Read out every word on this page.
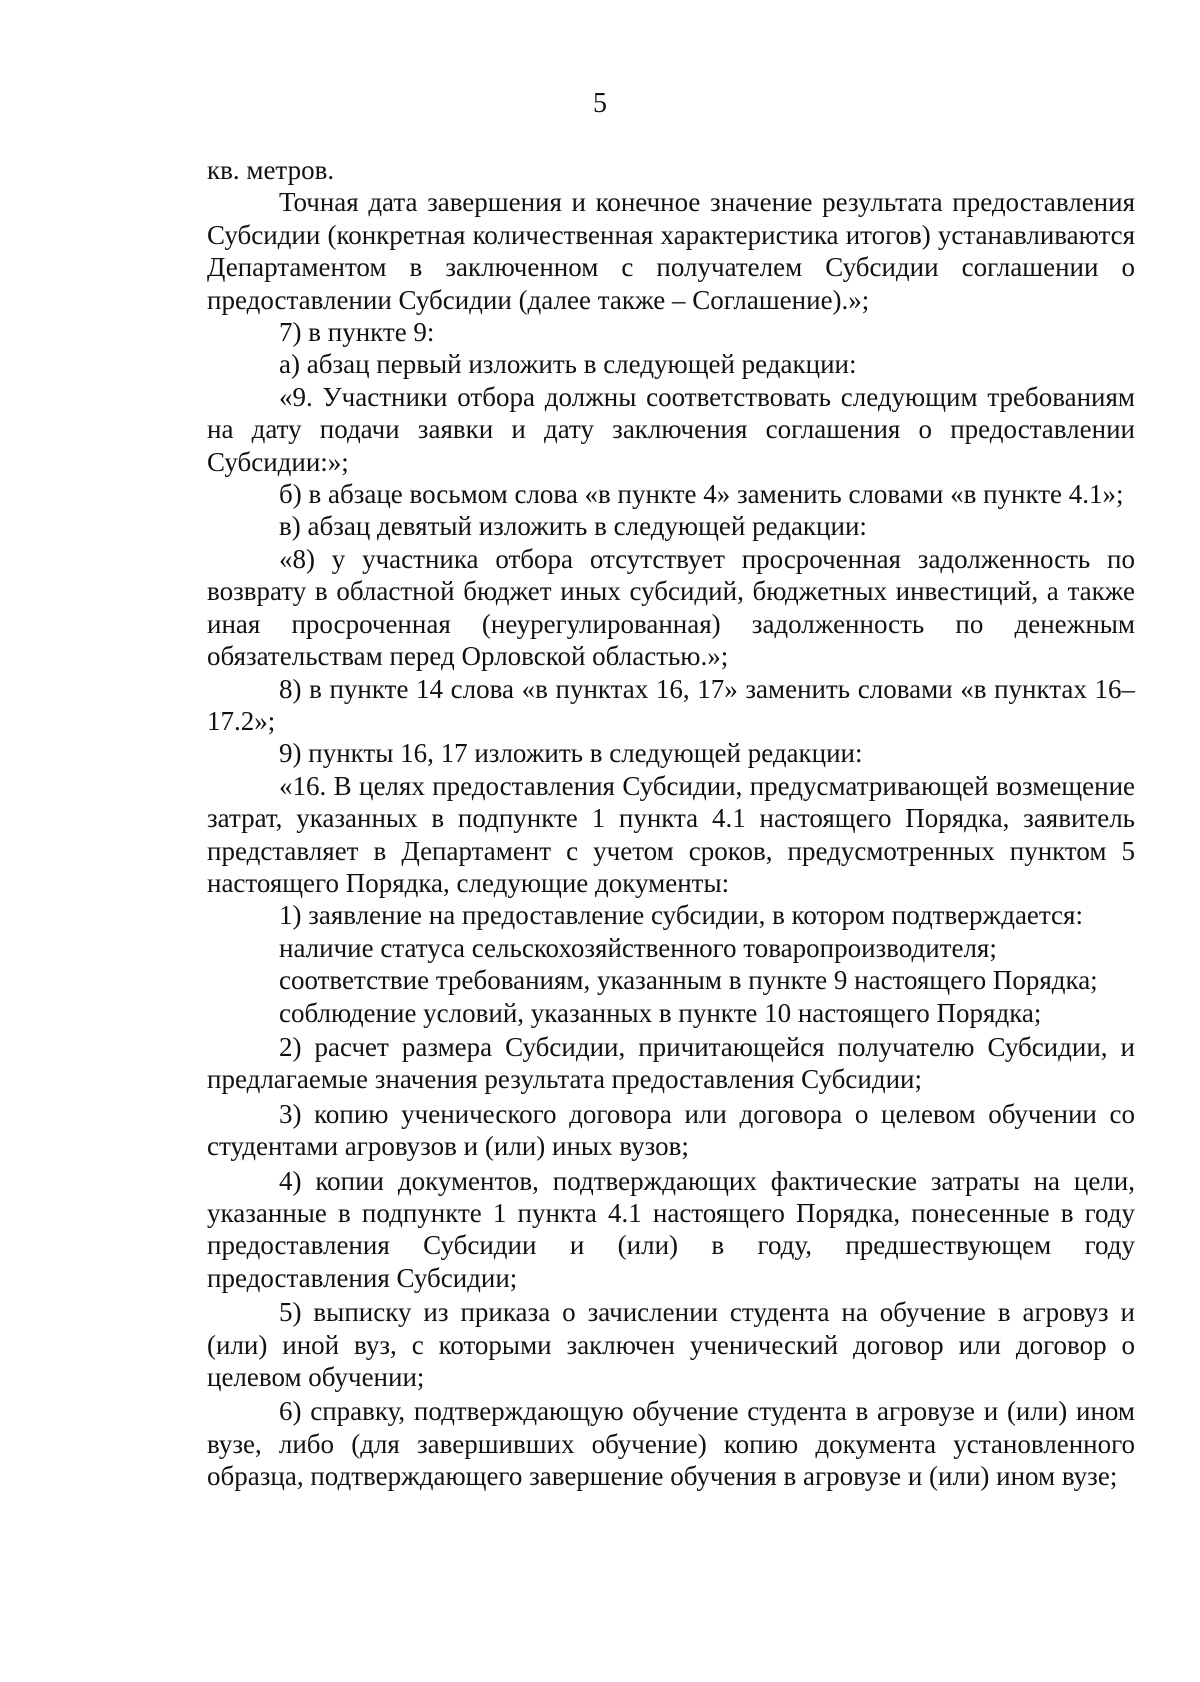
5

кв. метров.

Точная дата завершения и конечное значение результата предоставления Субсидии (конкретная количественная характеристика итогов) устанавливаются Департаментом в заключенном с получателем Субсидии соглашении о предоставлении Субсидии (далее также – Соглашение).»;

7) в пункте 9:

а) абзац первый изложить в следующей редакции:

«9. Участники отбора должны соответствовать следующим требованиям на дату подачи заявки и дату заключения соглашения о предоставлении Субсидии:»;

б) в абзаце восьмом слова «в пункте 4» заменить словами «в пункте 4.1»;

в) абзац девятый изложить в следующей редакции:

«8) у участника отбора отсутствует просроченная задолженность по возврату в областной бюджет иных субсидий, бюджетных инвестиций, а также иная просроченная (неурегулированная) задолженность по денежным обязательствам перед Орловской областью.»;

8) в пункте 14 слова «в пунктах 16, 17» заменить словами «в пунктах 16–17.2»;

9) пункты 16, 17 изложить в следующей редакции:

«16. В целях предоставления Субсидии, предусматривающей возмещение затрат, указанных в подпункте 1 пункта 4.1 настоящего Порядка, заявитель представляет в Департамент с учетом сроков, предусмотренных пунктом 5 настоящего Порядка, следующие документы:

1) заявление на предоставление субсидии, в котором подтверждается:

наличие статуса сельскохозяйственного товаропроизводителя;

соответствие требованиям, указанным в пункте 9 настоящего Порядка;

соблюдение условий, указанных в пункте 10 настоящего Порядка;

2) расчет размера Субсидии, причитающейся получателю Субсидии, и предлагаемые значения результата предоставления Субсидии;

3) копию ученического договора или договора о целевом обучении со студентами агровузов и (или) иных вузов;

4) копии документов, подтверждающих фактические затраты на цели, указанные в подпункте 1 пункта 4.1 настоящего Порядка, понесенные в году предоставления Субсидии и (или) в году, предшествующем году предоставления Субсидии;

5) выписку из приказа о зачислении студента на обучение в агровуз и (или) иной вуз, с которыми заключен ученический договор или договор о целевом обучении;

6) справку, подтверждающую обучение студента в агровузе и (или) ином вузе, либо (для завершивших обучение) копию документа установленного образца, подтверждающего завершение обучения в агровузе и (или) ином вузе;
